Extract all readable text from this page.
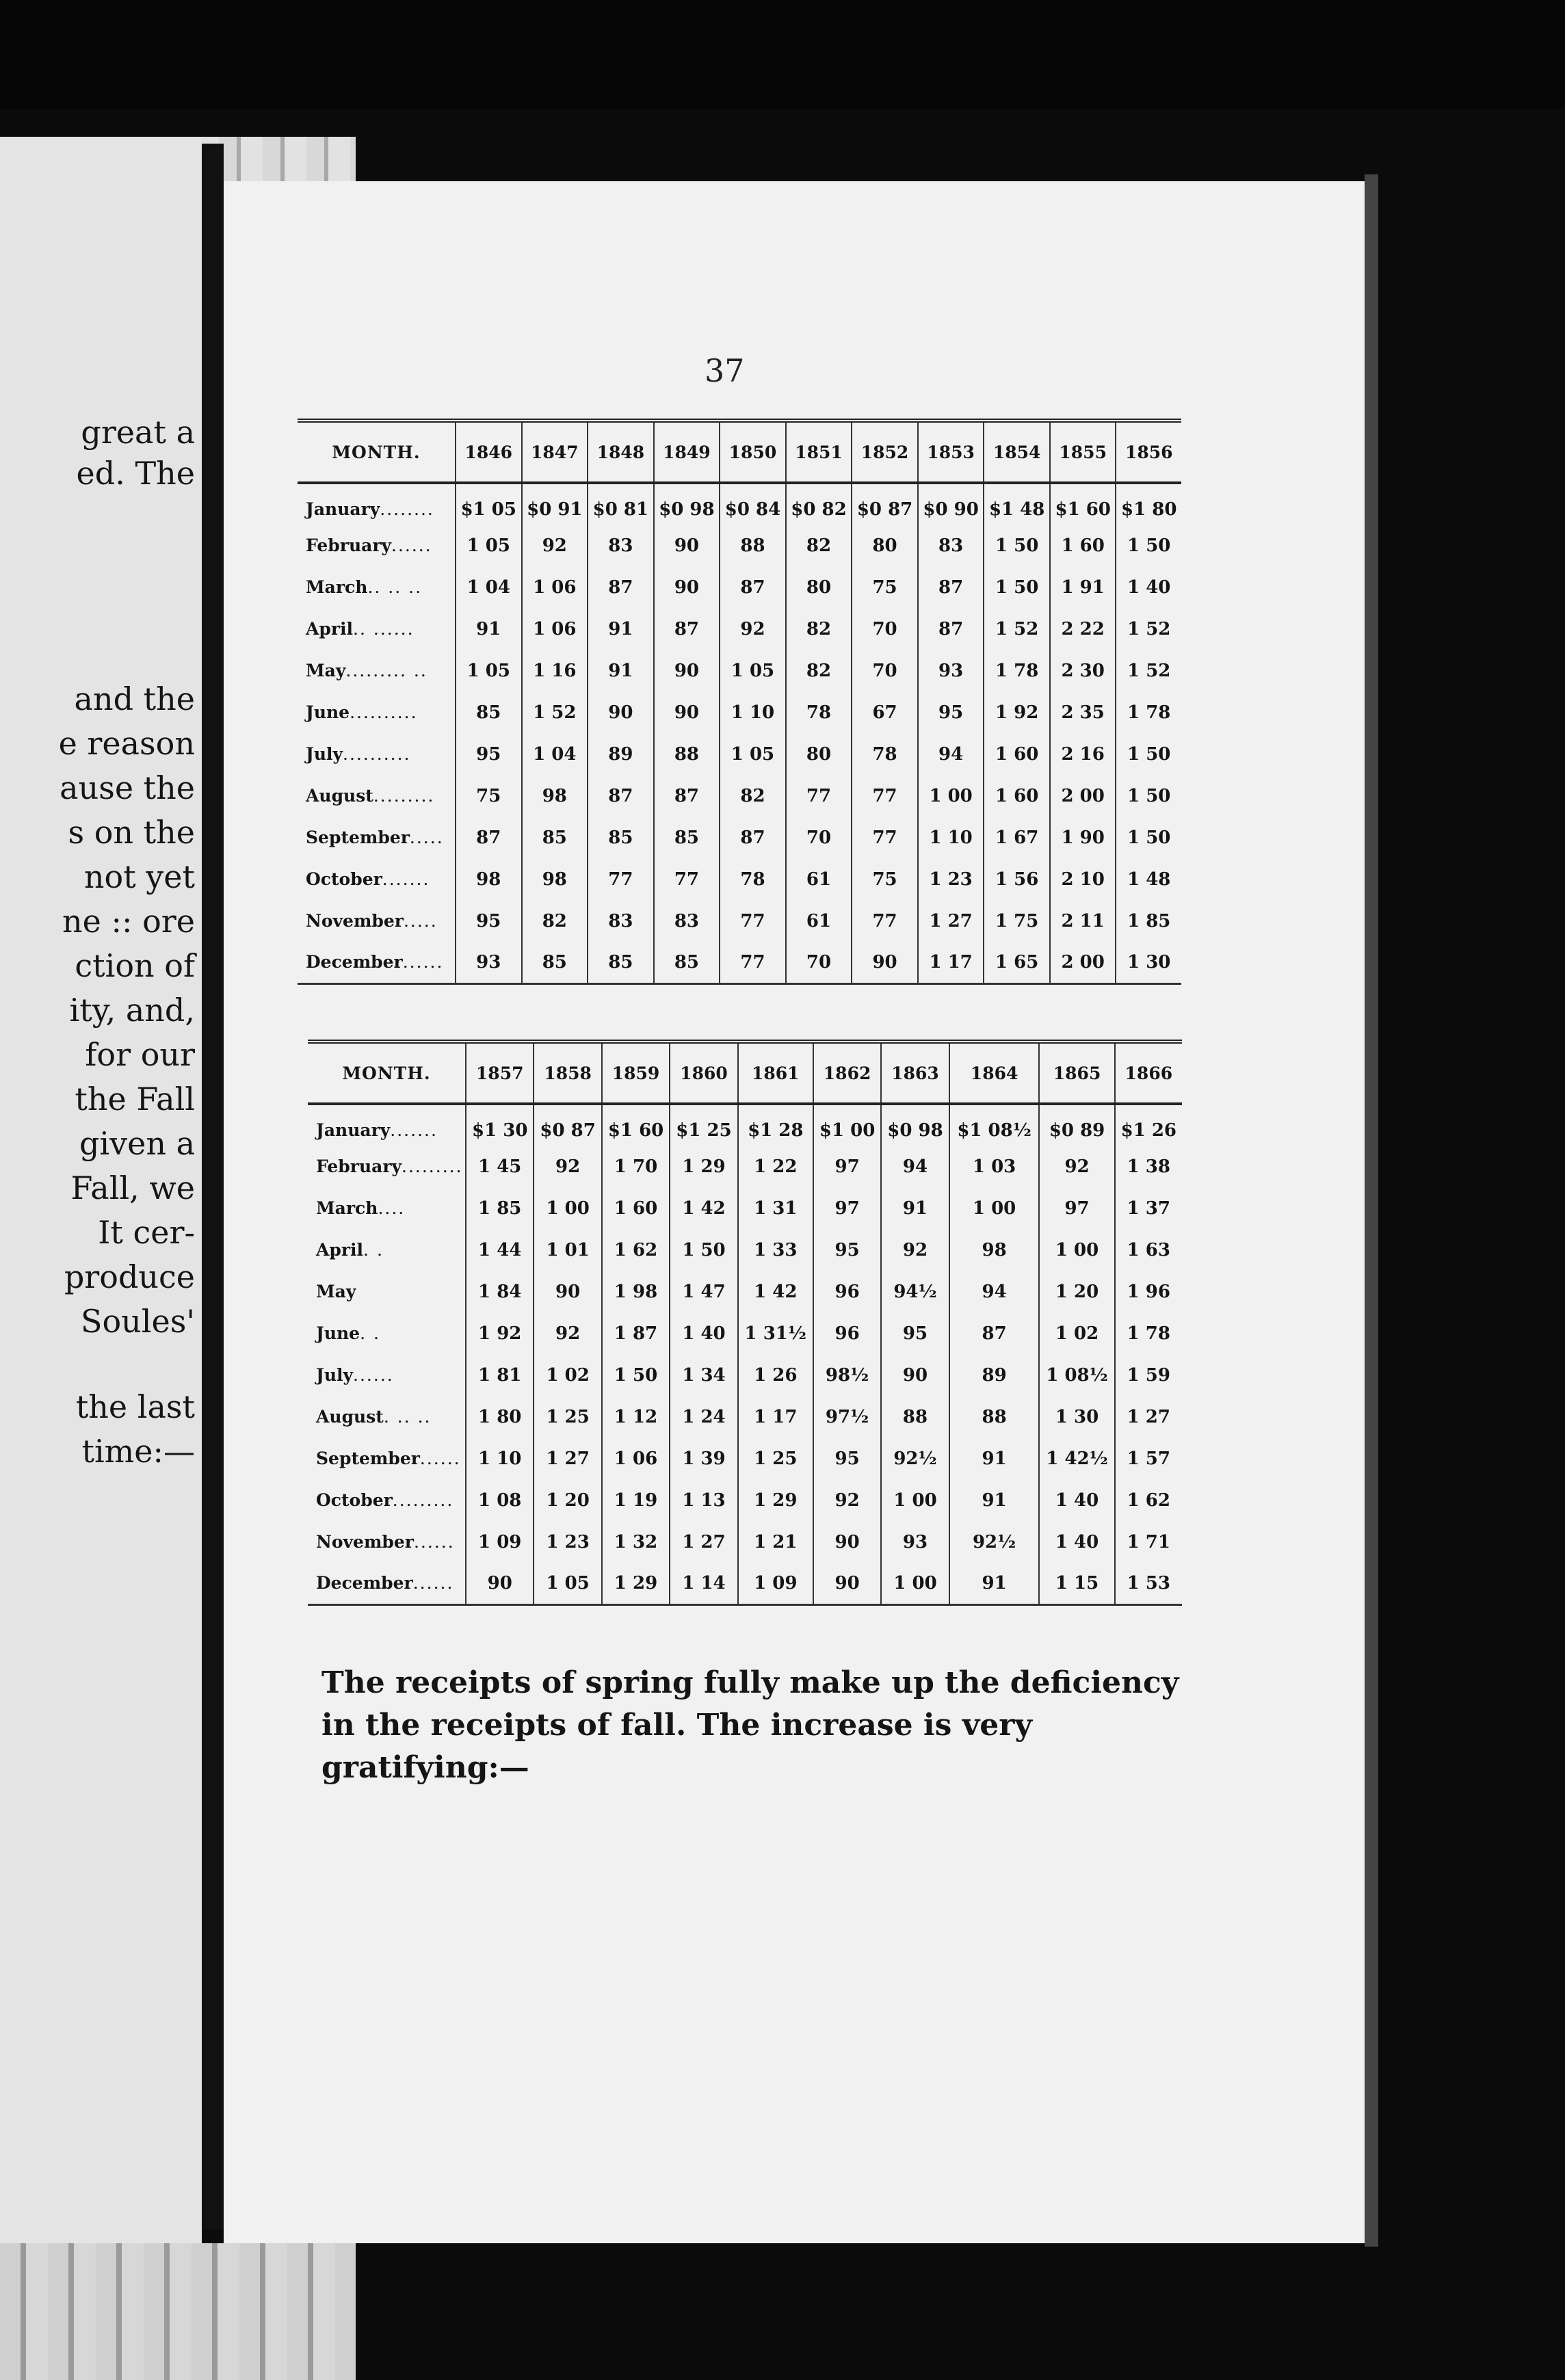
great a
ed. The
and the
e reason
ause the
s on the
not yet
ne :: ore
ction of
ity, and,
for our
the Fall
given a
Fall, we
It cer-
produce
Soules'
the last
time:—
37
MONTH.	1846	1847	1848	1849	1850	1851	1852	1853	1854	1855	1856
January........	$1 05	$0 91	$0 81	$0 98	$0 84	$0 82	$0 87	$0 90	$1 48	$1 60	$1 80
February......	1 05	92	83	90	88	82	80	83	1 50	1 60	1 50
March.. .. ..	1 04	1 06	87	90	87	80	75	87	1 50	1 91	1 40
April.. ......	91	1 06	91	87	92	82	70	87	1 52	2 22	1 52
May......... ..	1 05	1 16	91	90	1 05	82	70	93	1 78	2 30	1 52
June..........	85	1 52	90	90	1 10	78	67	95	1 92	2 35	1 78
July..........	95	1 04	89	88	1 05	80	78	94	1 60	2 16	1 50
August.........	75	98	87	87	82	77	77	1 00	1 60	2 00	1 50
September.....	87	85	85	85	87	70	77	1 10	1 67	1 90	1 50
October.......	98	98	77	77	78	61	75	1 23	1 56	2 10	1 48
November.....	95	82	83	83	77	61	77	1 27	1 75	2 11	1 85
December......	93	85	85	85	77	70	90	1 17	1 65	2 00	1 30
MONTH.	1857	1858	1859	1860	1861	1862	1863	1864	1865	1866
January.......	$1 30	$0 87	$1 60	$1 25	$1 28	$1 00	$0 98	$1 08½	$0 89	$1 26
February.........	1 45	92	1 70	1 29	1 22	97	94	1 03	92	1 38
March....	1 85	1 00	1 60	1 42	1 31	97	91	1 00	97	1 37
April. .	1 44	1 01	1 62	1 50	1 33	95	92	98	1 00	1 63
May	1 84	90	1 98	1 47	1 42	96	94½	94	1 20	1 96
June. .	1 92	92	1 87	1 40	1 31½	96	95	87	1 02	1 78
July......	1 81	1 02	1 50	1 34	1 26	98½	90	89	1 08½	1 59
August. .. ..	1 80	1 25	1 12	1 24	1 17	97½	88	88	1 30	1 27
September......	1 10	1 27	1 06	1 39	1 25	95	92½	91	1 42½	1 57
October.........	1 08	1 20	1 19	1 13	1 29	92	1 00	91	1 40	1 62
November......	1 09	1 23	1 32	1 27	1 21	90	93	92½	1 40	1 71
December......	90	1 05	1 29	1 14	1 09	90	1 00	91	1 15	1 53
The receipts of spring fully make up the deficiency in the receipts of fall. The increase is very gratifying:—
